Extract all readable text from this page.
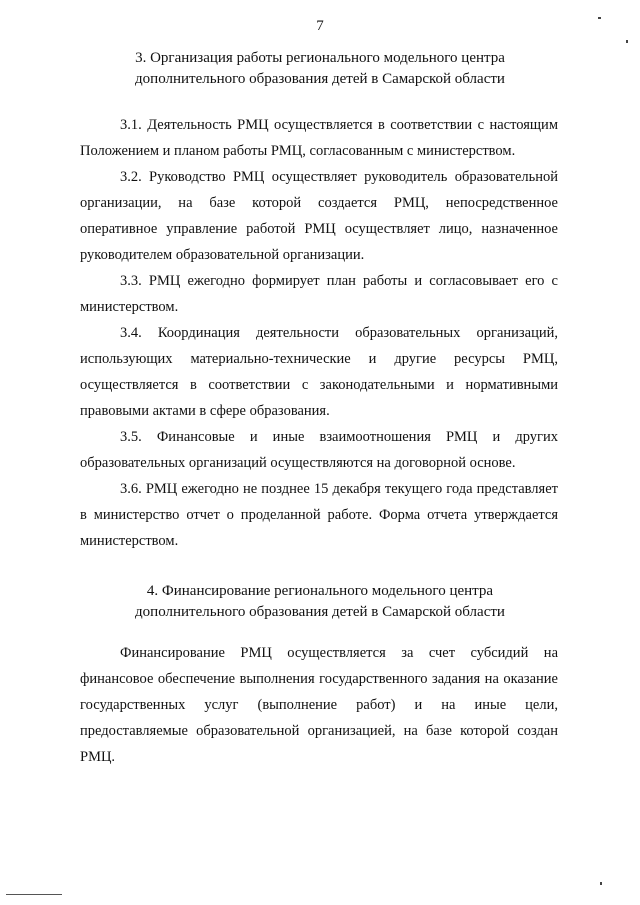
7
3. Организация работы регионального модельного центра
дополнительного образования детей в Самарской области

3.1. Деятельность РМЦ осуществляется в соответствии с настоящим Положением и планом работы РМЦ, согласованным с министерством.

3.2. Руководство РМЦ осуществляет руководитель образовательной организации, на базе которой создается РМЦ, непосредственное оперативное управление работой РМЦ осуществляет лицо, назначенное руководителем образовательной организации.

3.3. РМЦ ежегодно формирует план работы и согласовывает его с министерством.

3.4. Координация деятельности образовательных организаций, использующих материально-технические и другие ресурсы РМЦ, осуществляется в соответствии с законодательными и нормативными правовыми актами в сфере образования.

3.5. Финансовые и иные взаимоотношения РМЦ и других образовательных организаций осуществляются на договорной основе.

3.6. РМЦ ежегодно не позднее 15 декабря текущего года представляет в министерство отчет о проделанной работе. Форма отчета утверждается министерством.

4. Финансирование регионального модельного центра
дополнительного образования детей в Самарской области

Финансирование РМЦ осуществляется за счет субсидий на финансовое обеспечение выполнения государственного задания на оказание государственных услуг (выполнение работ) и на иные цели, предоставляемые образовательной организацией, на базе которой создан РМЦ.
